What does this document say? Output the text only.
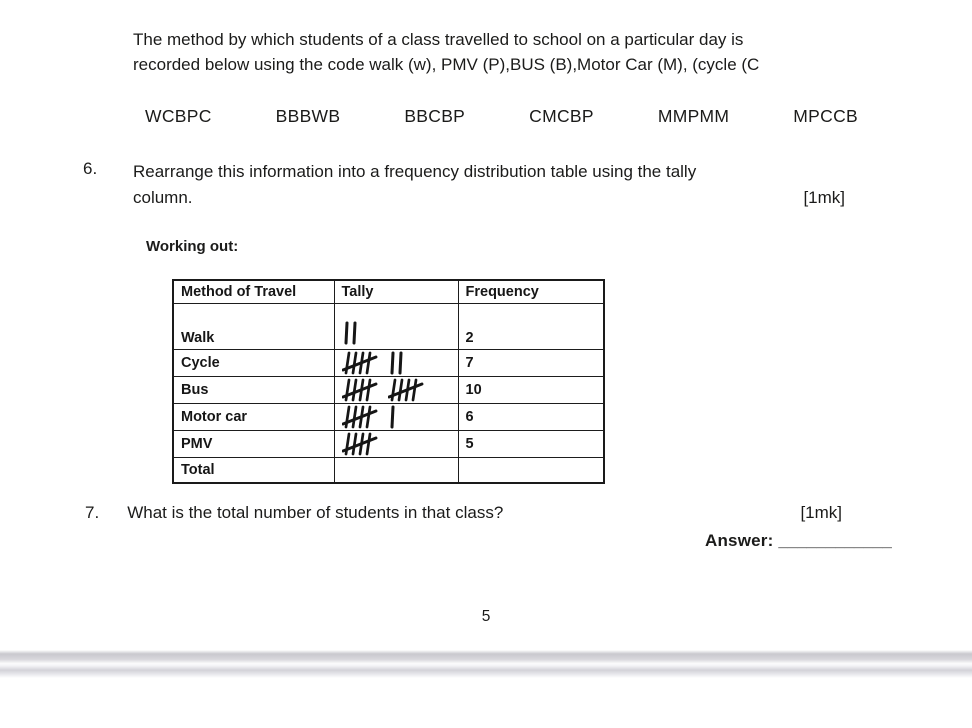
The method by which students of a class travelled to school on a particular day is
recorded below using the code walk (w), PMV (P),BUS (B),Motor Car (M), (cycle (C
WCBPC	BBBWB	BBCBP	CMCBP	MMPMM	MPCCB
6. Rearrange this information into a frequency distribution table using the tally
column.	[1mk]
Working out:
Method of Travel	Tally	Frequency
Walk		2
Cycle		7
Bus		10
Motor car		6
PMV		5
Total		
7. What is the total number of students in that class?	[1mk]
Answer: ____________
5
